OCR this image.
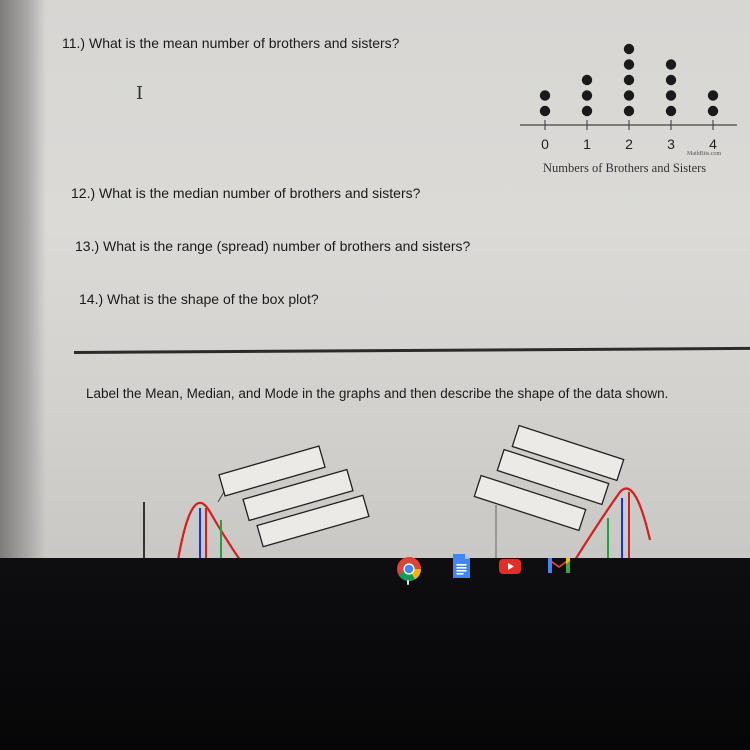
11.) What is the mean number of brothers and sisters?
I
0 1 2 3 4
MathBits.com
Numbers of Brothers and Sisters
12.) What is the median number of brothers and sisters?
13.) What is the range (spread) number of brothers and sisters?
14.) What is the shape of the box plot?
Label the Mean, Median, and Mode in the graphs and then describe the shape of the data shown.
